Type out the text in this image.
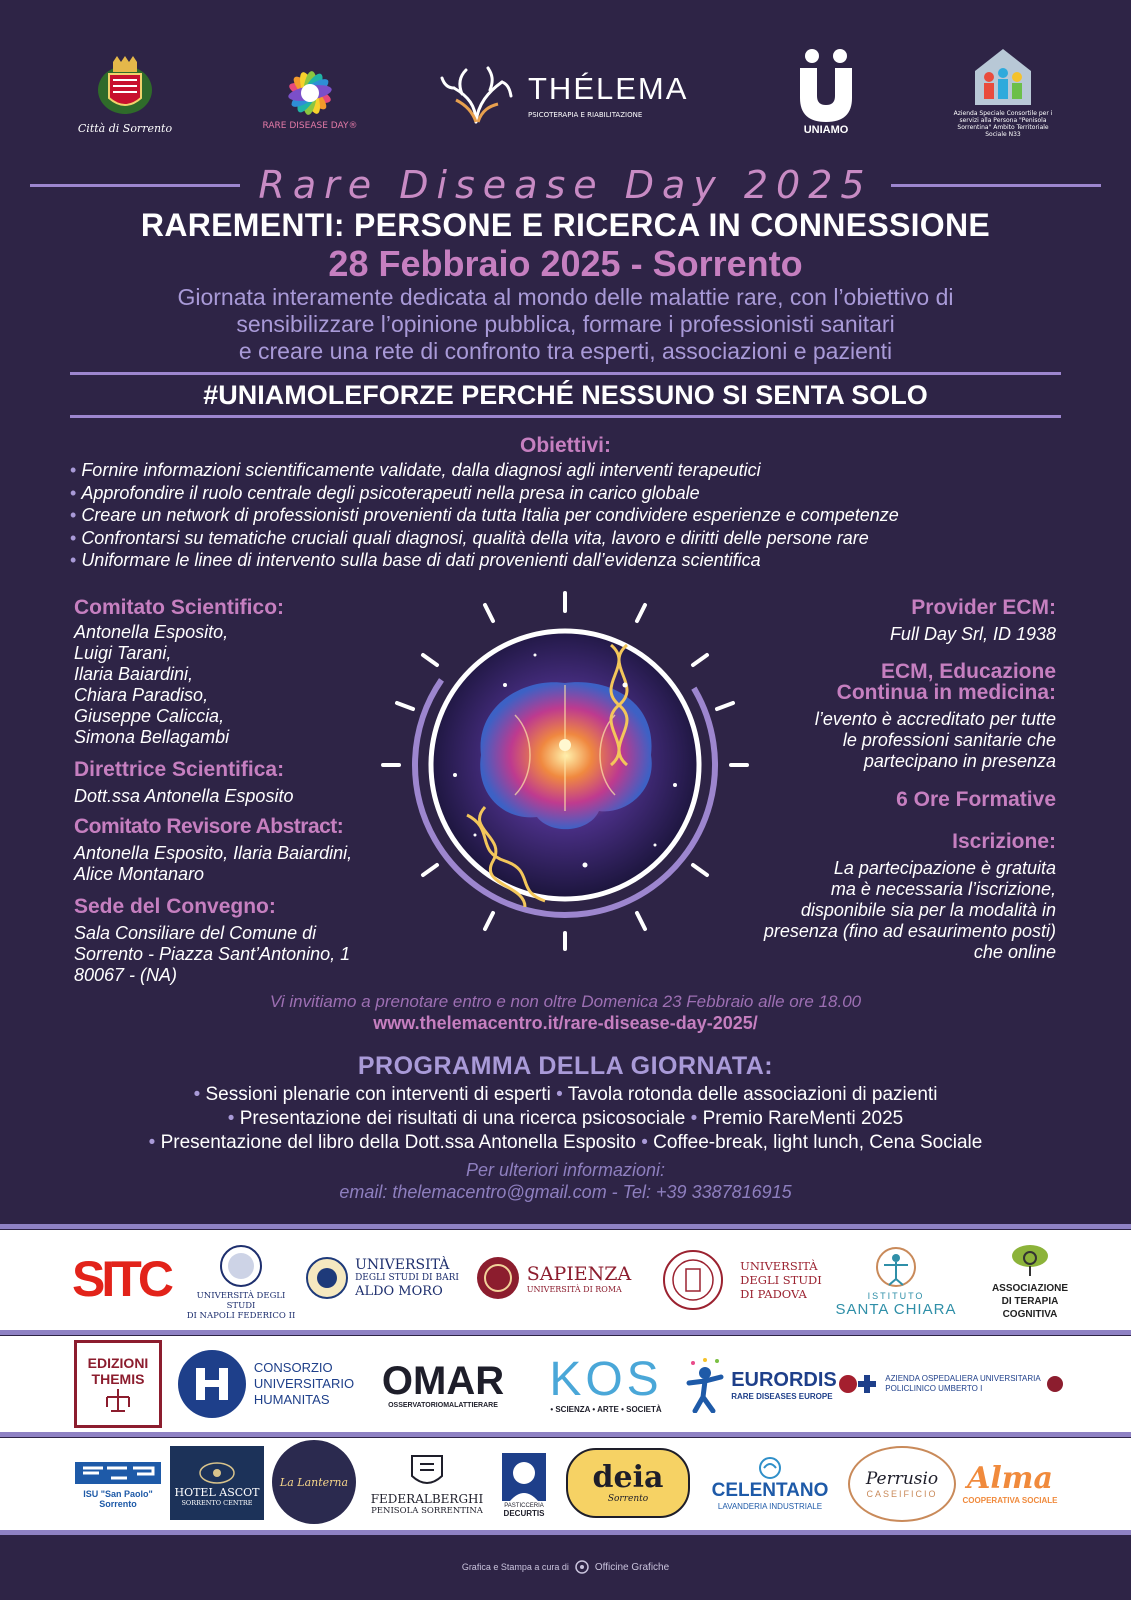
Città di Sorrento	RARE DISEASE DAY®
THÉLEMA
PSICOTERAPIA E RIABILITAZIONE
UNIAMO
Azienda Speciale Consortile per i servizi alla Persona "Penisola Sorrentina" Ambito Territoriale Sociale N33
Rare Disease Day 2025
RAREMENTI: PERSONE E RICERCA IN CONNESSIONE
28 Febbraio 2025 - Sorrento
Giornata interamente dedicata al mondo delle malattie rare, con l’obiettivo di
sensibilizzare l’opinione pubblica, formare i professionisti sanitari
e creare una rete di confronto tra esperti, associazioni e pazienti
#UNIAMOLEFORZE PERCHÉ NESSUNO SI SENTA SOLO
Obiettivi:
• Fornire informazioni scientificamente validate, dalla diagnosi agli interventi terapeutici
• Approfondire il ruolo centrale degli psicoterapeuti nella presa in carico globale
• Creare un network di professionisti provenienti da tutta Italia per condividere esperienze e competenze
• Confrontarsi su tematiche cruciali quali diagnosi, qualità della vita, lavoro e diritti delle persone rare
• Uniformare le linee di intervento sulla base di dati provenienti dall’evidenza scientifica
Comitato Scientifico:
Antonella Esposito,
Luigi Tarani,
Ilaria Baiardini,
Chiara Paradiso,
Giuseppe Caliccia,
Simona Bellagambi
Direttrice Scientifica:
Dott.ssa Antonella Esposito
Comitato Revisore Abstract:
Antonella Esposito, Ilaria Baiardini,
Alice Montanaro
Sede del Convegno:
Sala Consiliare del Comune di
Sorrento - Piazza Sant’Antonino, 1
80067 - (NA)
Provider ECM:
Full Day Srl, ID 1938
ECM, Educazione
Continua in medicina:
l’evento è accreditato per tutte
le professioni sanitarie che
partecipano in presenza
6 Ore Formative
Iscrizione:
La partecipazione è gratuita
ma è necessaria l’iscrizione,
disponibile sia per la modalità in
presenza (fino ad esaurimento posti)
che online
Vi invitiamo a prenotare entro e non oltre Domenica 23 Febbraio alle ore 18.00
www.thelemacentro.it/rare-disease-day-2025/
PROGRAMMA DELLA GIORNATA:
• Sessioni plenarie con interventi di esperti • Tavola rotonda delle associazioni di pazienti
• Presentazione dei risultati di una ricerca psicosociale • Premio RareMenti 2025
• Presentazione del libro della Dott.ssa Antonella Esposito • Coffee-break, light lunch, Cena Sociale
Per ulteriori informazioni:
email: thelemacentro@gmail.com - Tel: +39 3387816915
SITC	UNIVERSITÀ DEGLI STUDI
DI NAPOLI FEDERICO II
UNIVERSITÀ
DEGLI STUDI DI BARI
ALDO MORO
SAPIENZA
UNIVERSITÀ DI ROMA
UNIVERSITÀ
DEGLI STUDI
DI PADOVA	ISTITUTO
SANTA CHIARA
ASSOCIAZIONE
DI TERAPIA
COGNITIVA
EDIZIONI
THEMIS
CONSORZIO
UNIVERSITARIO
HUMANITAS	OMAR
OSSERVATORIOMALATTIERARE KOS
• SCIENZA • ARTE • SOCIETÀ
EURORDIS
RARE DISEASES EUROPE
AZIENDA OSPEDALIERA UNIVERSITARIA
POLICLINICO UMBERTO I
ISU "San Paolo"
Sorrento
HOTEL ASCOT
SORRENTO CENTRE
La Lanterna
FEDERALBERGHI
PENISOLA SORRENTINA
PASTICCERIA
DECURTIS
deia
Sorrento	CELENTANO
LAVANDERIA INDUSTRIALE
Perrusio
CASEIFICIO Alma
COOPERATIVA SOCIALE
Grafica e Stampa a cura di	Officine Grafiche
